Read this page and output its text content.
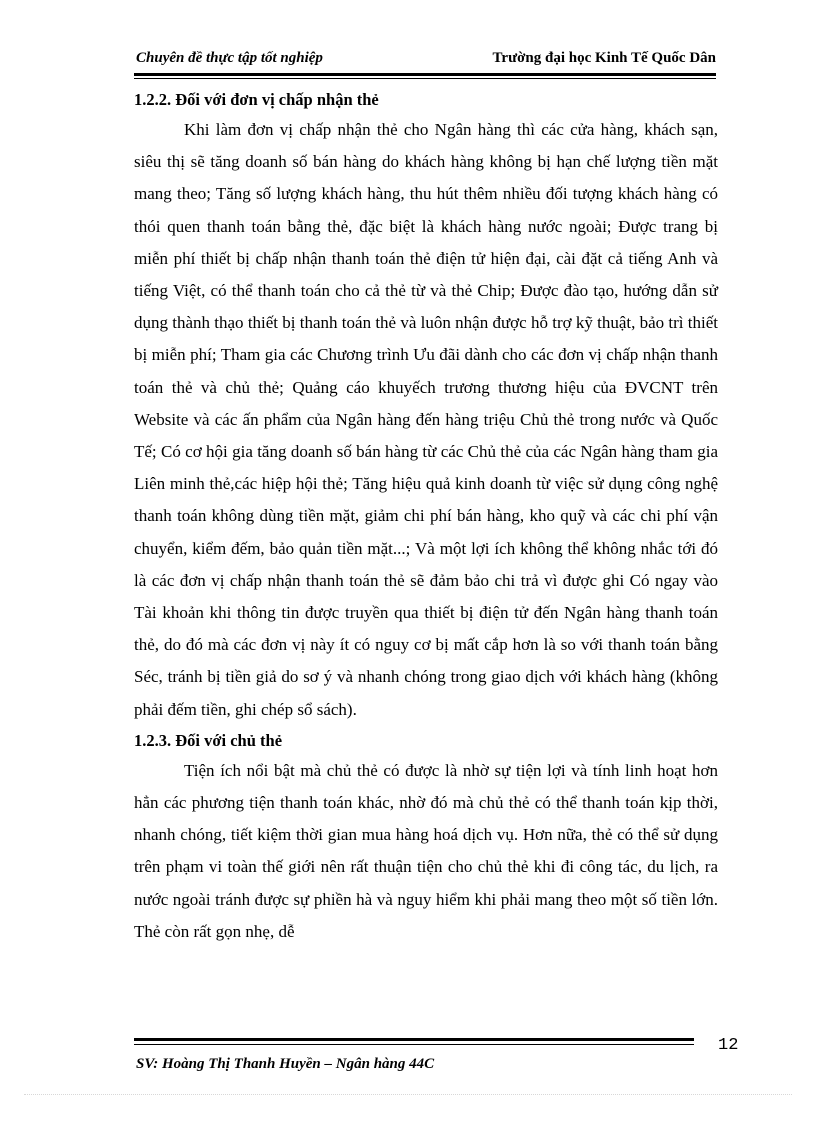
Chuyên đề thực tập tốt nghiệp	Trường đại học Kinh Tế Quốc Dân

1.2.2. Đối với đơn vị chấp nhận thẻ

Khi làm đơn vị chấp nhận thẻ cho Ngân hàng thì các cửa hàng, khách sạn, siêu thị sẽ tăng doanh số bán hàng do khách hàng không bị hạn chế lượng tiền mặt mang theo; Tăng số lượng khách hàng, thu hút thêm nhiều đối tượng khách hàng có thói quen thanh toán bằng thẻ, đặc biệt là khách hàng nước ngoài; Được trang bị miễn phí thiết bị chấp nhận thanh toán thẻ điện tử hiện đại, cài đặt cả tiếng Anh và tiếng Việt, có thể thanh toán cho cả thẻ từ và thẻ Chip; Được đào tạo, hướng dẫn sử dụng thành thạo thiết bị thanh toán thẻ và luôn nhận được hỗ trợ kỹ thuật, bảo trì thiết bị miễn phí; Tham gia các Chương trình Ưu đãi dành cho các đơn vị chấp nhận thanh toán thẻ và chủ thẻ; Quảng cáo khuyếch trương thương hiệu của ĐVCNT trên Website và các ấn phẩm của Ngân hàng đến hàng triệu Chủ thẻ trong nước và Quốc Tế; Có cơ hội gia tăng doanh số bán hàng từ các Chủ thẻ của các Ngân hàng tham gia Liên minh thẻ,các hiệp hội thẻ; Tăng hiệu quả kinh doanh từ việc sử dụng công nghệ thanh toán không dùng tiền mặt, giảm chi phí bán hàng, kho quỹ và các chi phí vận chuyển, kiểm đếm, bảo quản tiền mặt...; Và một lợi ích không thể không nhắc tới đó là các đơn vị chấp nhận thanh toán thẻ sẽ đảm bảo chi trả vì được ghi Có ngay vào Tài khoản khi thông tin được truyền qua thiết bị điện tử đến Ngân hàng thanh toán thẻ, do đó mà các đơn vị này ít có nguy cơ bị mất cắp hơn là so với thanh toán bằng Séc, tránh bị tiền giả do sơ ý và nhanh chóng trong giao dịch với khách hàng (không phải đếm tiền, ghi chép sổ sách).

1.2.3. Đối với chủ thẻ

Tiện ích nổi bật mà chủ thẻ có được là nhờ sự tiện lợi và tính linh hoạt hơn hẳn các phương tiện thanh toán khác, nhờ đó mà chủ thẻ có thể thanh toán kịp thời, nhanh chóng, tiết kiệm thời gian mua hàng hoá dịch vụ. Hơn nữa, thẻ có thể sử dụng trên phạm vi toàn thế giới nên rất thuận tiện cho chủ thẻ khi đi công tác, du lịch, ra nước ngoài tránh được sự phiền hà và nguy hiểm khi phải mang theo một số tiền lớn. Thẻ còn rất gọn nhẹ, dễ

12
SV: Hoàng Thị Thanh Huyền – Ngân hàng 44C
